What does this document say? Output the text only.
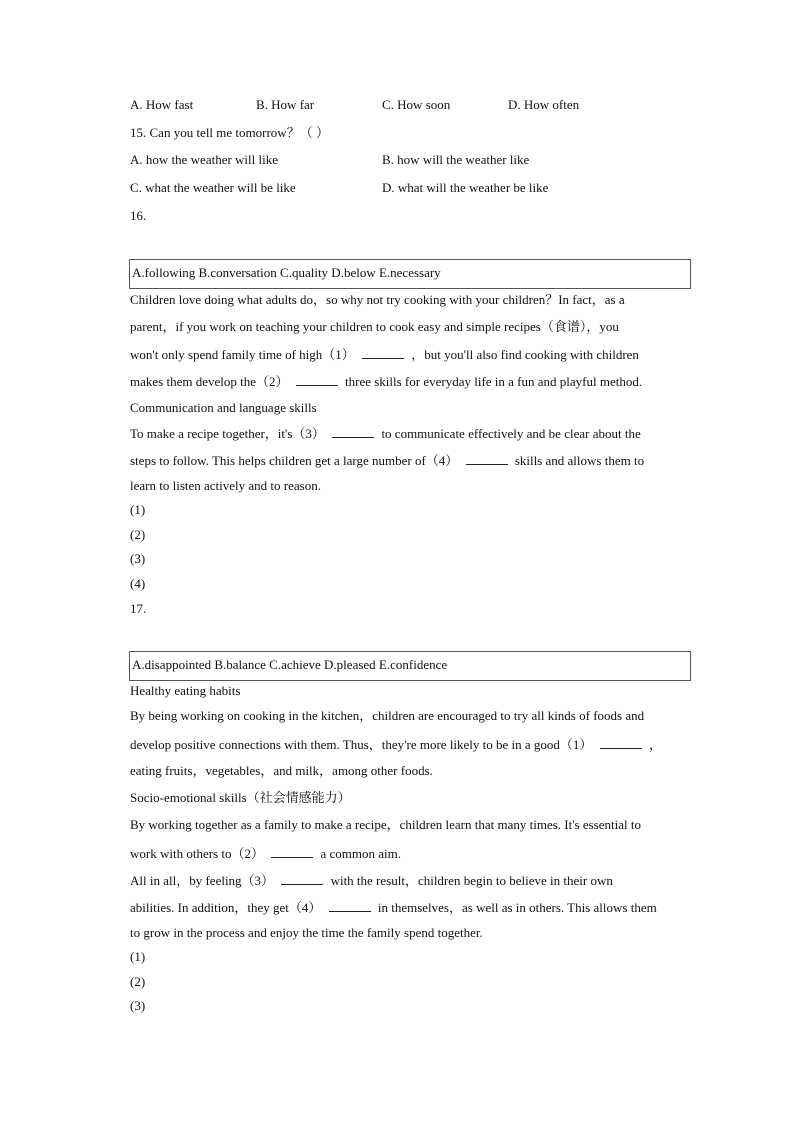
A. How fast	B. How far	C. How soon	D. How often
15. Can you tell me tomorrow？（ ）
A. how the weather will like	B. how will the weather like
C. what the weather will be like	D. what will the weather be like
16.
A.following B.conversation C.quality D.below E.necessary
Children love doing what adults do，so why not try cooking with your children？In fact，as a
parent，if you work on teaching your children to cook easy and simple recipes（食谱），you
won't only spend family time of high（1）	，but you'll also find cooking with children
makes them develop the（2）	three skills for everyday life in a fun and playful method.
Communication and language skills
To make a recipe together，it's（3）	to communicate effectively and be clear about the
steps to follow. This helps children get a large number of（4）	skills and allows them to
learn to listen actively and to reason.
(1)
(2)
(3)
(4)
17.
A.disappointed B.balance C.achieve D.pleased E.confidence
Healthy eating habits
By being working on cooking in the kitchen，children are encouraged to try all kinds of foods and
develop positive connections with them. Thus，they're more likely to be in a good（1）	，
eating fruits，vegetables，and milk，among other foods.
Socio-emotional skills（社会情感能力）
By working together as a family to make a recipe，children learn that many times. It's essential to
work with others to（2）	a common aim.
All in all，by feeling（3）	with the result，children begin to believe in their own
abilities. In addition，they get（4）	in themselves，as well as in others. This allows them
to grow in the process and enjoy the time the family spend together.
(1)
(2)
(3)
